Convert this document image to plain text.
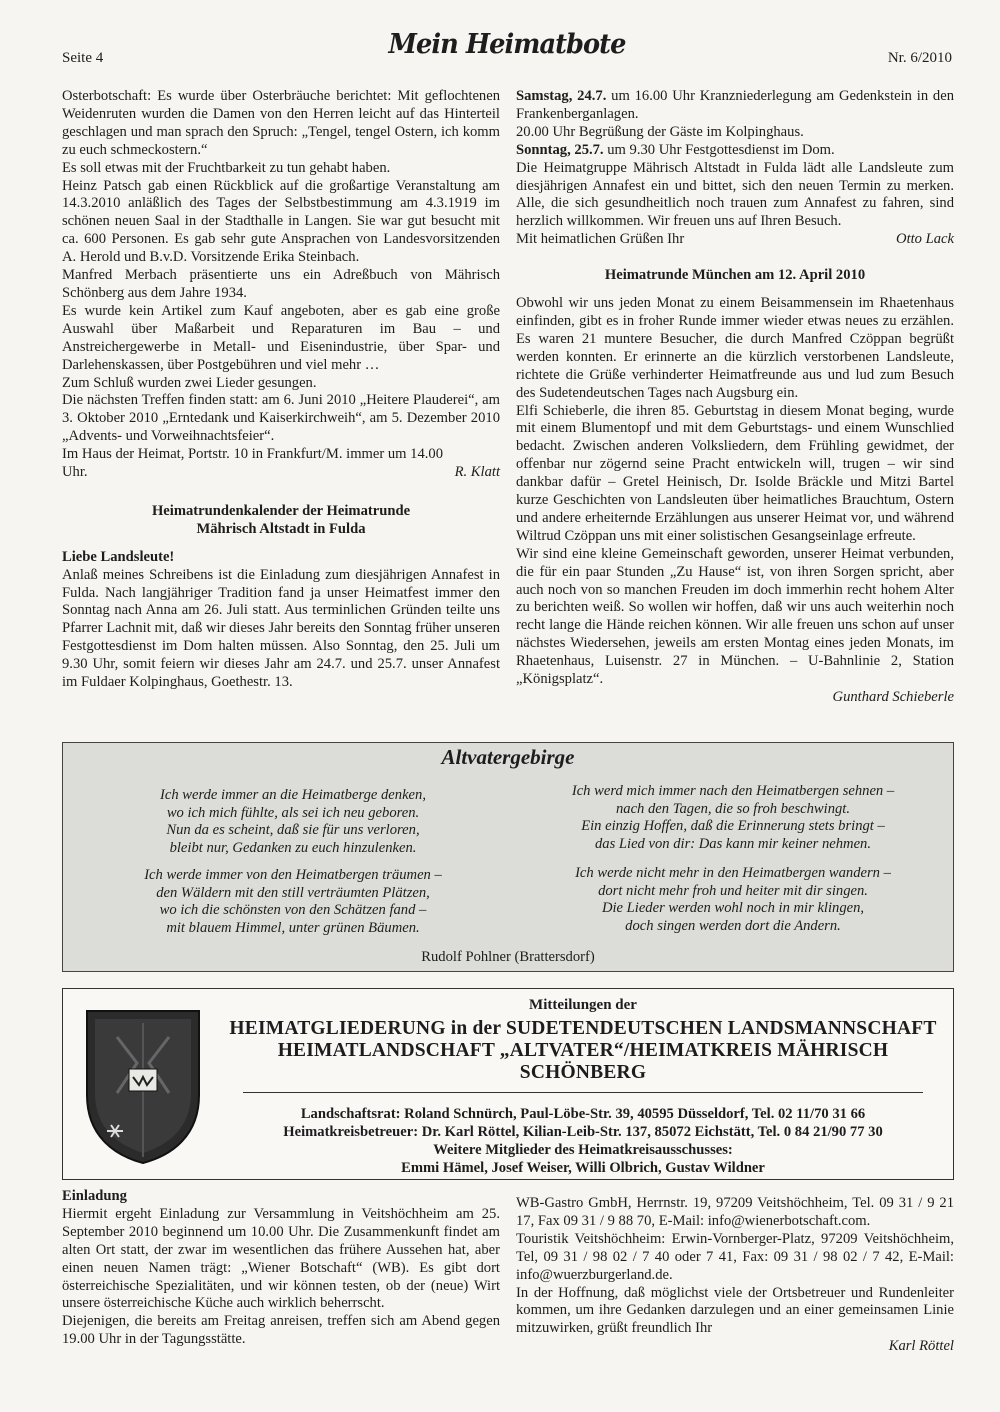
Seite 4	Mein Heimatbote	Nr. 6/2010

Osterbotschaft: Es wurde über Osterbräuche berichtet: Mit geflochtenen Weidenruten wurden die Damen von den Herren leicht auf das Hinterteil geschlagen und man sprach den Spruch: „Tengel, tengel Ostern, ich komm zu euch schmeckostern.“

Es soll etwas mit der Fruchtbarkeit zu tun gehabt haben.

Heinz Patsch gab einen Rückblick auf die großartige Veranstaltung am 14.3.2010 anläßlich des Tages der Selbstbestimmung am 4.3.1919 im schönen neuen Saal in der Stadthalle in Langen. Sie war gut besucht mit ca. 600 Personen. Es gab sehr gute Ansprachen von Landesvorsitzenden A. Herold und B.v.D. Vorsitzende Erika Steinbach.

Manfred Merbach präsentierte uns ein Adreßbuch von Mährisch Schönberg aus dem Jahre 1934.

Es wurde kein Artikel zum Kauf angeboten, aber es gab eine große Auswahl über Maßarbeit und Reparaturen im Bau – und Anstreichergewerbe in Metall- und Eisenindustrie, über Spar- und Darlehenskassen, über Postgebühren und viel mehr …

Zum Schluß wurden zwei Lieder gesungen.

Die nächsten Treffen finden statt: am 6. Juni 2010 „Heitere Plauderei“, am 3. Oktober 2010 „Erntedank und Kaiserkirchweih“, am 5. Dezember 2010 „Advents- und Vorweihnachtsfeier“.

Im Haus der Heimat, Portstr. 10 in Frankfurt/M. immer um 14.00

Uhr.	R. Klatt

Heimatrundenkalender der Heimatrunde

Mährisch Altstadt in Fulda

Liebe Landsleute!

Anlaß meines Schreibens ist die Einladung zum diesjährigen Annafest in Fulda. Nach langjähriger Tradition fand ja unser Heimatfest immer den Sonntag nach Anna am 26. Juli statt. Aus terminlichen Gründen teilte uns Pfarrer Lachnit mit, daß wir dieses Jahr bereits den Sonntag früher unseren Festgottesdienst im Dom halten müssen. Also Sonntag, den 25. Juli um 9.30 Uhr, somit feiern wir dieses Jahr am 24.7. und 25.7. unser Annafest im Fuldaer Kolpinghaus, Goethestr. 13.

Samstag, 24.7. um 16.00 Uhr Kranzniederlegung am Gedenkstein in den Frankenberganlagen.

20.00 Uhr Begrüßung der Gäste im Kolpinghaus.

Sonntag, 25.7. um 9.30 Uhr Festgottesdienst im Dom.

Die Heimatgruppe Mährisch Altstadt in Fulda lädt alle Landsleute zum diesjährigen Annafest ein und bittet, sich den neuen Termin zu merken. Alle, die sich gesundheitlich noch trauen zum Annafest zu fahren, sind herzlich willkommen. Wir freuen uns auf Ihren Besuch.

Mit heimatlichen Grüßen Ihr	Otto Lack

Heimatrunde München am 12. April 2010

Obwohl wir uns jeden Monat zu einem Beisammensein im Rhaetenhaus einfinden, gibt es in froher Runde immer wieder etwas neues zu erzählen. Es waren 21 muntere Besucher, die durch Manfred Czöppan begrüßt werden konnten. Er erinnerte an die kürzlich verstorbenen Landsleute, richtete die Grüße verhinderter Heimatfreunde aus und lud zum Besuch des Sudetendeutschen Tages nach Augsburg ein.

Elfi Schieberle, die ihren 85. Geburtstag in diesem Monat beging, wurde mit einem Blumentopf und mit dem Geburtstags- und einem Wunschlied bedacht. Zwischen anderen Volksliedern, dem Frühling gewidmet, der offenbar nur zögernd seine Pracht entwickeln will, trugen – wir sind dankbar dafür – Gretel Heinisch, Dr. Isolde Bräckle und Mitzi Bartel kurze Geschichten von Landsleuten über heimatliches Brauchtum, Ostern und andere erheiternde Erzählungen aus unserer Heimat vor, und während Wiltrud Czöppan uns mit einer solistischen Gesangseinlage erfreute.

Wir sind eine kleine Gemeinschaft geworden, unserer Heimat verbunden, die für ein paar Stunden „Zu Hause“ ist, von ihren Sorgen spricht, aber auch noch von so manchen Freuden im doch immerhin recht hohem Alter zu berichten weiß. So wollen wir hoffen, daß wir uns auch weiterhin noch recht lange die Hände reichen können. Wir alle freuen uns schon auf unser nächstes Wiedersehen, jeweils am ersten Montag eines jeden Monats, im Rhaetenhaus, Luisenstr. 27 in München. – U-Bahnlinie 2, Station „Königsplatz“.

Gunthard Schieberle

Altvatergebirge
Ich werde immer an die Heimatberge denken,
wo ich mich fühlte, als sei ich neu geboren.
Nun da es scheint, daß sie für uns verloren,
bleibt nur, Gedanken zu euch hinzulenken.
Ich werde immer von den Heimatbergen träumen –
den Wäldern mit den still verträumten Plätzen,
wo ich die schönsten von den Schätzen fand –
mit blauem Himmel, unter grünen Bäumen.
Ich werd mich immer nach den Heimatbergen sehnen –
nach den Tagen, die so froh beschwingt.
Ein einzig Hoffen, daß die Erinnerung stets bringt –
das Lied von dir: Das kann mir keiner nehmen.
Ich werde nicht mehr in den Heimatbergen wandern –
dort nicht mehr froh und heiter mit dir singen.
Die Lieder werden wohl noch in mir klingen,
doch singen werden dort die Andern.
Rudolf Pohlner (Brattersdorf)
Mitteilungen der
HEIMATGLIEDERUNG in der SUDETENDEUTSCHEN LANDSMANNSCHAFT
HEIMATLANDSCHAFT „ALTVATER“/HEIMATKREIS MÄHRISCH SCHÖNBERG
Landschaftsrat: Roland Schnürch, Paul-Löbe-Str. 39, 40595 Düsseldorf, Tel. 02 11/70 31 66
Heimatkreisbetreuer: Dr. Karl Röttel, Kilian-Leib-Str. 137, 85072 Eichstätt, Tel. 0 84 21/90 77 30
Weitere Mitglieder des Heimatkreisausschusses:
Emmi Hämel, Josef Weiser, Willi Olbrich, Gustav Wildner

Einladung

Hiermit ergeht Einladung zur Versammlung in Veitshöchheim am 25. September 2010 beginnend um 10.00 Uhr. Die Zusammenkunft findet am alten Ort statt, der zwar im wesentlichen das frühere Aussehen hat, aber einen neuen Namen trägt: „Wiener Botschaft“ (WB). Es gibt dort österreichische Spezialitäten, und wir können testen, ob der (neue) Wirt unsere österreichische Küche auch wirklich beherrscht.

Diejenigen, die bereits am Freitag anreisen, treffen sich am Abend gegen 19.00 Uhr in der Tagungsstätte.

WB-Gastro GmbH, Herrnstr. 19, 97209 Veitshöchheim, Tel. 09 31 / 9 21 17, Fax 09 31 / 9 88 70, E-Mail: info@wienerbotschaft.com.

Touristik Veitshöchheim: Erwin-Vornberger-Platz, 97209 Veitshöchheim, Tel, 09 31 / 98 02 / 7 40 oder 7 41, Fax: 09 31 / 98 02 / 7 42, E-Mail: info@wuerzburgerland.de.

In der Hoffnung, daß möglichst viele der Ortsbetreuer und Rundenleiter kommen, um ihre Gedanken darzulegen und an einer gemeinsamen Linie mitzuwirken, grüßt freundlich Ihr

Karl Röttel
